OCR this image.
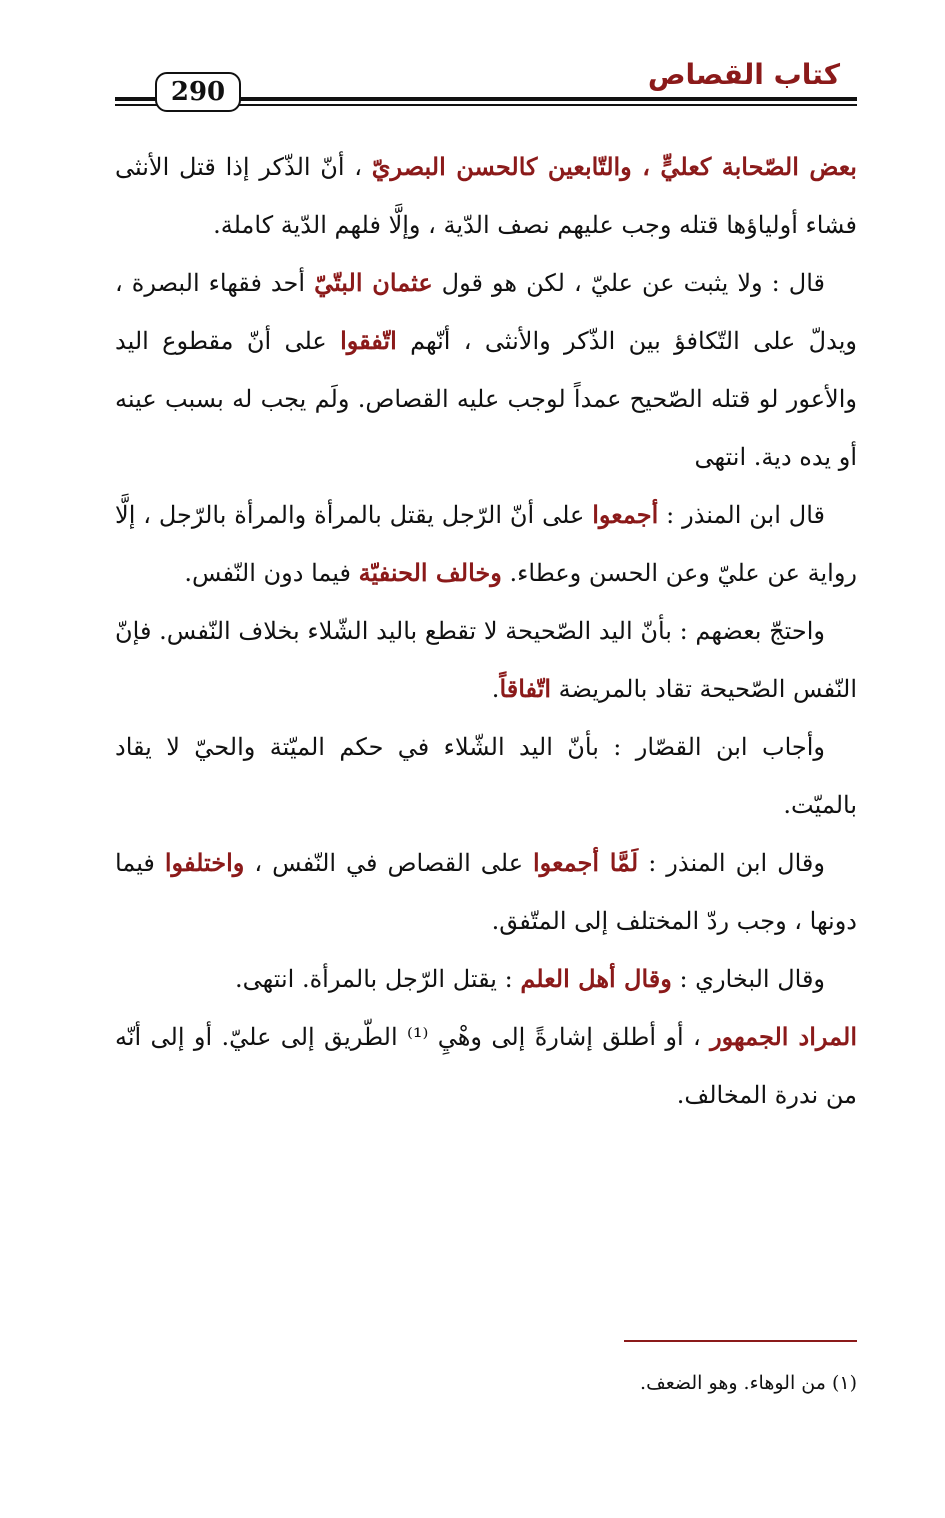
كتاب القصاص
290

بعض الصّحابة كعليٍّ ، والتّابعين كالحسن البصريّ ، أنّ الذّكر إذا قتل الأنثى فشاء أولياؤها قتله وجب عليهم نصف الدّية ، وإلَّا فلهم الدّية كاملة.

قال : ولا يثبت عن عليّ ، لكن هو قول عثمان البتّيّ أحد فقهاء البصرة ، ويدلّ على التّكافؤ بين الذّكر والأنثى ، أنّهم اتّفقوا على أنّ مقطوع اليد والأعور لو قتله الصّحيح عمداً لوجب عليه القصاص. ولَم يجب له بسبب عينه أو يده دية. انتهى

قال ابن المنذر : أجمعوا على أنّ الرّجل يقتل بالمرأة والمرأة بالرّجل ، إلَّا رواية عن عليّ وعن الحسن وعطاء. وخالف الحنفيّة فيما دون النّفس.

واحتجّ بعضهم : بأنّ اليد الصّحيحة لا تقطع باليد الشّلاء بخلاف النّفس. فإنّ النّفس الصّحيحة تقاد بالمريضة اتّفاقاً.

وأجاب ابن القصّار : بأنّ اليد الشّلاء في حكم الميّتة والحيّ لا يقاد بالميّت.

وقال ابن المنذر : لَمَّا أجمعوا على القصاص في النّفس ، واختلفوا فيما دونها ، وجب ردّ المختلف إلى المتّفق.

وقال البخاري : وقال أهل العلم : يقتل الرّجل بالمرأة. انتهى.

المراد الجمهور ، أو أطلق إشارةً إلى وهْيِ ⁽¹⁾ الطّريق إلى عليّ. أو إلى أنّه من ندرة المخالف.

(١) من الوهاء. وهو الضعف.
